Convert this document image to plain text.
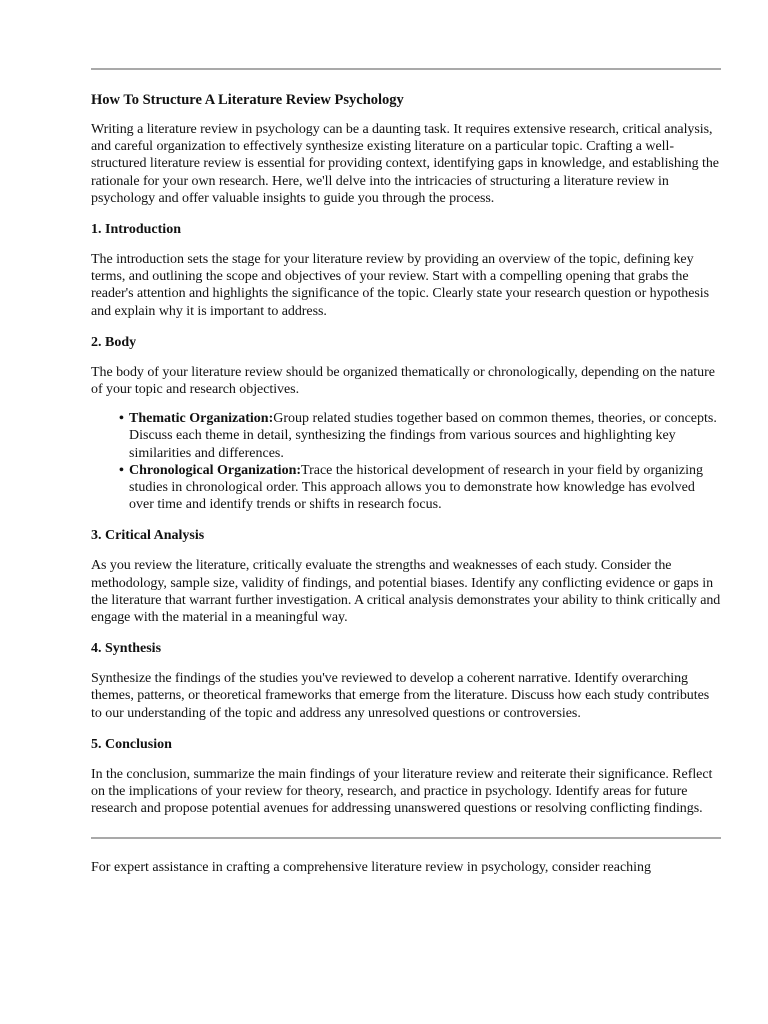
How To Structure A Literature Review Psychology

Writing a literature review in psychology can be a daunting task. It requires extensive research, critical analysis, and careful organization to effectively synthesize existing literature on a particular topic. Crafting a well-structured literature review is essential for providing context, identifying gaps in knowledge, and establishing the rationale for your own research. Here, we'll delve into the intricacies of structuring a literature review in psychology and offer valuable insights to guide you through the process.

1. Introduction

The introduction sets the stage for your literature review by providing an overview of the topic, defining key terms, and outlining the scope and objectives of your review. Start with a compelling opening that grabs the reader's attention and highlights the significance of the topic. Clearly state your research question or hypothesis and explain why it is important to address.

2. Body

The body of your literature review should be organized thematically or chronologically, depending on the nature of your topic and research objectives.

• Thematic Organization:Group related studies together based on common themes, theories, or concepts. Discuss each theme in detail, synthesizing the findings from various sources and highlighting key similarities and differences.
• Chronological Organization:Trace the historical development of research in your field by organizing studies in chronological order. This approach allows you to demonstrate how knowledge has evolved over time and identify trends or shifts in research focus.
3. Critical Analysis

As you review the literature, critically evaluate the strengths and weaknesses of each study. Consider the methodology, sample size, validity of findings, and potential biases. Identify any conflicting evidence or gaps in the literature that warrant further investigation. A critical analysis demonstrates your ability to think critically and engage with the material in a meaningful way.

4. Synthesis

Synthesize the findings of the studies you've reviewed to develop a coherent narrative. Identify overarching themes, patterns, or theoretical frameworks that emerge from the literature. Discuss how each study contributes to our understanding of the topic and address any unresolved questions or controversies.

5. Conclusion

In the conclusion, summarize the main findings of your literature review and reiterate their significance. Reflect on the implications of your review for theory, research, and practice in psychology. Identify areas for future research and propose potential avenues for addressing unanswered questions or resolving conflicting findings.

For expert assistance in crafting a comprehensive literature review in psychology, consider reaching
